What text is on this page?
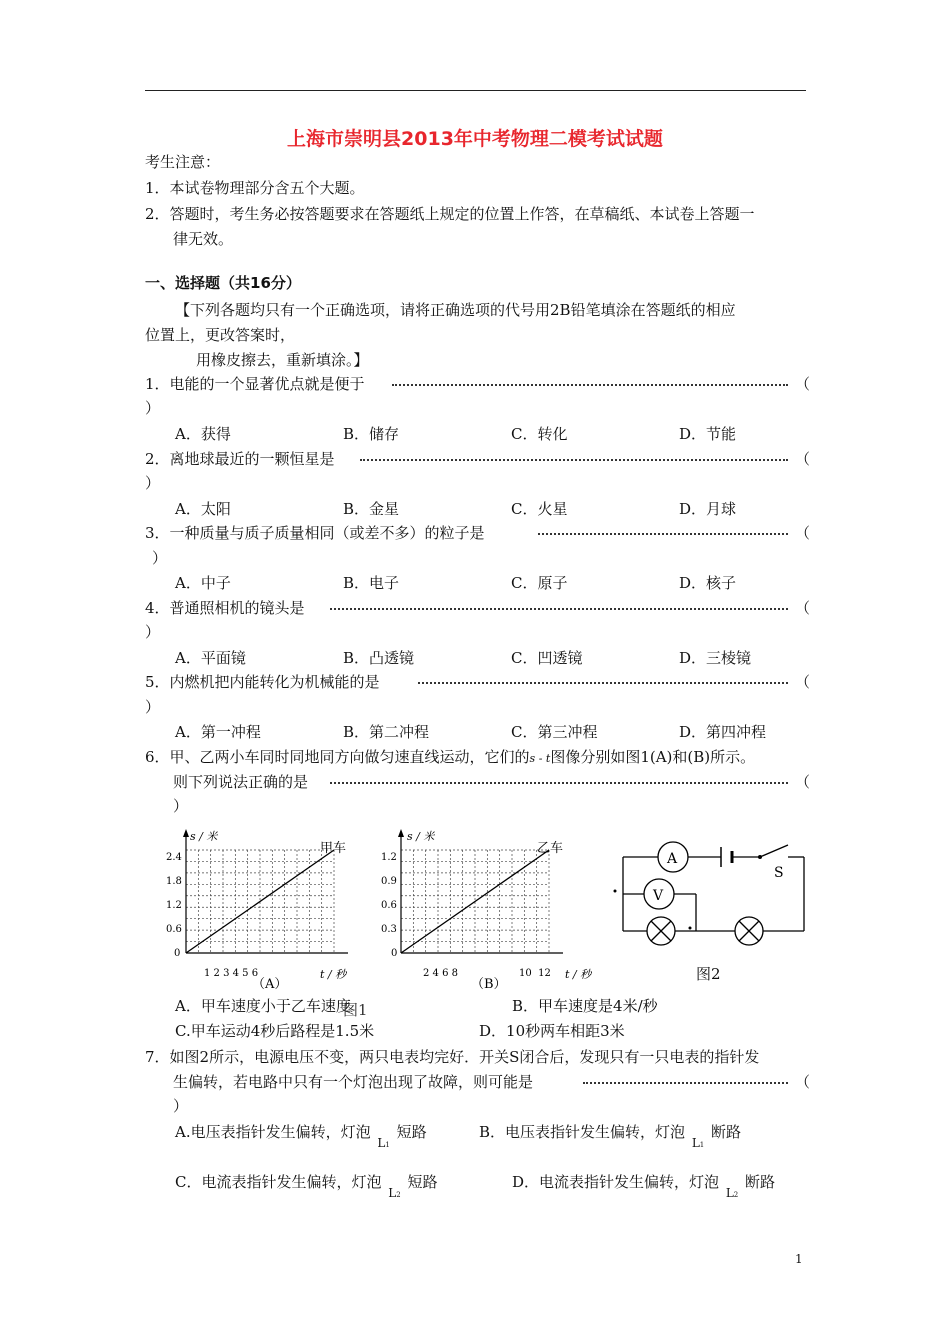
上海市崇明县2013年中考物理二模考试试题
考生注意：
1．本试卷物理部分含五个大题。
2．答题时，考生务必按答题要求在答题纸上规定的位置上作答，在草稿纸、本试卷上答题一
律无效。
一、选择题（共16分）
【下列各题均只有一个正确选项，请将正确选项的代号用2B铅笔填涂在答题纸的相应
位置上，更改答案时，
用橡皮擦去，重新填涂。】
1．电能的一个显著优点就是便于	（
）
A．获得	B．储存	C．转化	D．节能
2．离地球最近的一颗恒星是	（
）
A．太阳	B．金星	C．火星	D．月球
3．一种质量与质子质量相同（或差不多）的粒子是	（
）
A．中子	B．电子	C．原子	D．核子
4．普通照相机的镜头是	（
）
A．平面镜	B．凸透镜	C．凹透镜	D．三棱镜
5．内燃机把内能转化为机械能的是	（
）
A．第一冲程	B．第二冲程	C．第三冲程	D．第四冲程
6．甲、乙两小车同时同地同方向做匀速直线运动，它们的s - t图像分别如图1(A)和(B)所示。
则下列说法正确的是	（
）
s / 米
甲车
2.4
1.8
1.2
0.6
0
1 2 3 4 5 6	t / 秒
（A）
s / 米
乙车
1.2
0.9
0.6
0.3
0
2 4 6 8	10  12 t / 秒
（B）
A
V
S
图2
A．甲车速度小于乙车速度	B．甲车速度是4米/秒
图1
C.甲车运动4秒后路程是1.5米	D．10秒两车相距3米
7．如图2所示，电源电压不变，两只电表均完好．开关S闭合后，发现只有一只电表的指针发
生偏转，若电路中只有一个灯泡出现了故障，则可能是	（
）
A.电压表指针发生偏转，灯泡 $_{L1}$ 短路	B．电压表指针发生偏转，灯泡 $_{L1}$ 断路
C．电流表指针发生偏转，灯泡 $_{L2}$ 短路	D．电流表指针发生偏转，灯泡 $_{L2}$ 断路
1
